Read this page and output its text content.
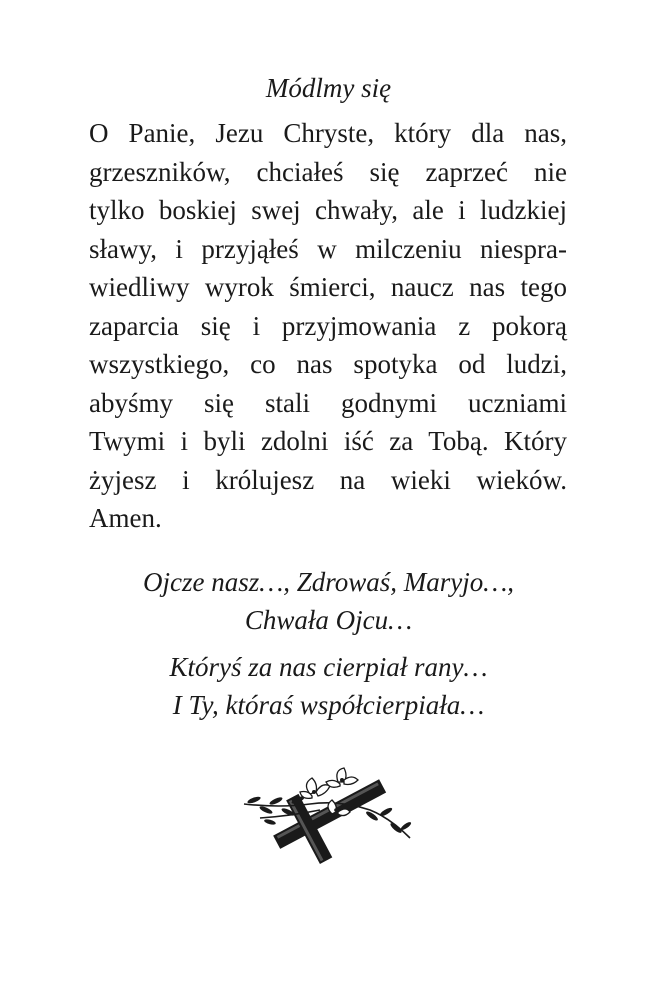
Módlmy się
O Panie, Jezu Chryste, który dla nas,
grzeszników, chciałeś się zaprzeć nie
tylko boskiej swej chwały, ale i ludzkiej
sławy, i przyjąłeś w milczeniu niespra-
wiedliwy wyrok śmierci, naucz nas tego
zaparcia się i przyjmowania z pokorą
wszystkiego, co nas spotyka od ludzi,
abyśmy się stali godnymi uczniami
Twymi i byli zdolni iść za Tobą. Który
żyjesz i królujesz na wieki wieków.
Amen.
Ojcze nasz…, Zdrowaś, Maryjo…,
Chwała Ojcu…
Któryś za nas cierpiał rany…
I Ty, któraś współcierpiała…
